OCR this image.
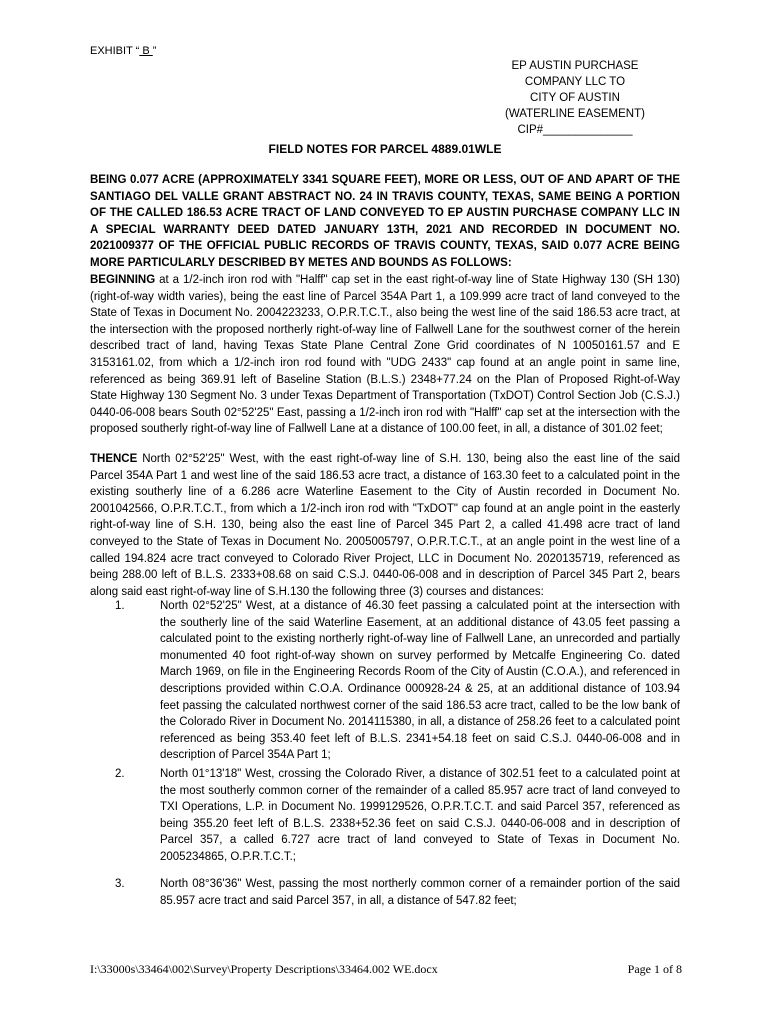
EXHIBIT “ B ”
EP AUSTIN PURCHASE
COMPANY LLC TO
CITY OF AUSTIN
(WATERLINE EASEMENT)
CIP#______________
FIELD NOTES FOR PARCEL 4889.01WLE
BEING 0.077 ACRE (APPROXIMATELY 3341 SQUARE FEET), MORE OR LESS, OUT OF AND APART OF THE SANTIAGO DEL VALLE GRANT ABSTRACT NO. 24 IN TRAVIS COUNTY, TEXAS, SAME BEING A PORTION OF THE CALLED 186.53 ACRE TRACT OF LAND CONVEYED TO EP AUSTIN PURCHASE COMPANY LLC IN A SPECIAL WARRANTY DEED DATED JANUARY 13TH, 2021 AND RECORDED IN DOCUMENT NO. 2021009377 OF THE OFFICIAL PUBLIC RECORDS OF TRAVIS COUNTY, TEXAS, SAID 0.077 ACRE BEING MORE PARTICULARLY DESCRIBED BY METES AND BOUNDS AS FOLLOWS:
BEGINNING at a 1/2-inch iron rod with "Halff" cap set in the east right-of-way line of State Highway 130 (SH 130)(right-of-way width varies), being the east line of Parcel 354A Part 1, a 109.999 acre tract of land conveyed to the State of Texas in Document No. 2004223233, O.P.R.T.C.T., also being the west line of the said 186.53 acre tract, at the intersection with the proposed northerly right-of-way line of Fallwell Lane for the southwest corner of the herein described tract of land, having Texas State Plane Central Zone Grid coordinates of N 10050161.57 and E 3153161.02, from which a 1/2-inch iron rod found with "UDG 2433" cap found at an angle point in same line, referenced as being 369.91 left of Baseline Station (B.L.S.) 2348+77.24 on the Plan of Proposed Right-of-Way State Highway 130 Segment No. 3 under Texas Department of Transportation (TxDOT) Control Section Job (C.S.J.) 0440-06-008 bears South 02°52'25" East, passing a 1/2-inch iron rod with "Halff" cap set at the intersection with the proposed southerly right-of-way line of Fallwell Lane at a distance of 100.00 feet, in all, a distance of 301.02 feet;
THENCE North 02°52'25" West, with the east right-of-way line of S.H. 130, being also the east line of the said Parcel 354A Part 1 and west line of the said 186.53 acre tract, a distance of 163.30 feet to a calculated point in the existing southerly line of a 6.286 acre Waterline Easement to the City of Austin recorded in Document No. 2001042566, O.P.R.T.C.T., from which a 1/2-inch iron rod with "TxDOT" cap found at an angle point in the easterly right-of-way line of S.H. 130, being also the east line of Parcel 345 Part 2, a called 41.498 acre tract of land conveyed to the State of Texas in Document No. 2005005797, O.P.R.T.C.T., at an angle point in the west line of a called 194.824 acre tract conveyed to Colorado River Project, LLC in Document No. 2020135719, referenced as being 288.00 left of B.L.S. 2333+08.68 on said C.S.J. 0440-06-008 and in description of Parcel 345 Part 2, bears along said east right-of-way line of S.H.130 the following three (3) courses and distances:
1.	North 02°52'25" West, at a distance of 46.30 feet passing a calculated point at the intersection with the southerly line of the said Waterline Easement, at an additional distance of 43.05 feet passing a calculated point to the existing northerly right-of-way line of Fallwell Lane, an unrecorded and partially monumented 40 foot right-of-way shown on survey performed by Metcalfe Engineering Co. dated March 1969, on file in the Engineering Records Room of the City of Austin (C.O.A.), and referenced in descriptions provided within C.O.A. Ordinance 000928-24 & 25, at an additional distance of 103.94 feet passing the calculated northwest corner of the said 186.53 acre tract, called to be the low bank of the Colorado River in Document No. 2014115380, in all, a distance of 258.26 feet to a calculated point referenced as being 353.40 feet left of B.L.S. 2341+54.18 feet on said C.S.J. 0440-06-008 and in description of Parcel 354A Part 1;
2.	North 01°13'18" West, crossing the Colorado River, a distance of 302.51 feet to a calculated point at the most southerly common corner of the remainder of a called 85.957 acre tract of land conveyed to TXI Operations, L.P. in Document No. 1999129526, O.P.R.T.C.T. and said Parcel 357, referenced as being 355.20 feet left of B.L.S. 2338+52.36 feet on said C.S.J. 0440-06-008 and in description of Parcel 357, a called 6.727 acre tract of land conveyed to State of Texas in Document No. 2005234865, O.P.R.T.C.T.;
3.	North 08°36'36" West, passing the most northerly common corner of a remainder portion of the said 85.957 acre tract and said Parcel 357, in all, a distance of 547.82 feet;
I:\33000s\33464\002\Survey\Property Descriptions\33464.002 WE.docx	Page 1 of 8
